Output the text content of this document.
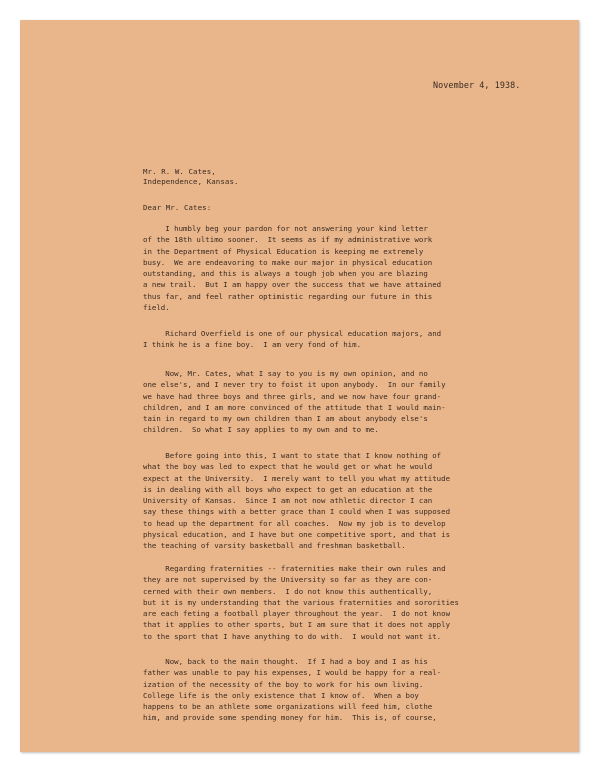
November 4, 1938.
Mr. R. W. Cates,
Independence, Kansas.
Dear Mr. Cates:
I humbly beg your pardon for not answering your kind letter
of the 18th ultimo sooner.  It seems as if my administrative work
in the Department of Physical Education is keeping me extremely
busy.  We are endeavoring to make our major in physical education
outstanding, and this is always a tough job when you are blazing
a new trail.  But I am happy over the success that we have attained
thus far, and feel rather optimistic regarding our future in this
field.
Richard Overfield is one of our physical education majors, and
I think he is a fine boy.  I am very fond of him.
Now, Mr. Cates, what I say to you is my own opinion, and no
one else's, and I never try to foist it upon anybody.  In our family
we have had three boys and three girls, and we now have four grand-
children, and I am more convinced of the attitude that I would main-
tain in regard to my own children than I am about anybody else's
children.  So what I say applies to my own and to me.
Before going into this, I want to state that I know nothing of
what the boy was led to expect that he would get or what he would
expect at the University.  I merely want to tell you what my attitude
is in dealing with all boys who expect to get an education at the
University of Kansas.  Since I am not now athletic director I can
say these things with a better grace than I could when I was supposed
to head up the department for all coaches.  Now my job is to develop
physical education, and I have but one competitive sport, and that is
the teaching of varsity basketball and freshman basketball.
Regarding fraternities -- fraternities make their own rules and
they are not supervised by the University so far as they are con-
cerned with their own members.  I do not know this authentically,
but it is my understanding that the various fraternities and sororities
are each feting a football player throughout the year.  I do not know
that it applies to other sports, but I am sure that it does not apply
to the sport that I have anything to do with.  I would not want it.
Now, back to the main thought.  If I had a boy and I as his
father was unable to pay his expenses, I would be happy for a real-
ization of the necessity of the boy to work for his own living.
College life is the only existence that I know of.  When a boy
happens to be an athlete some organizations will feed him, clothe
him, and provide some spending money for him.  This is, of course,
